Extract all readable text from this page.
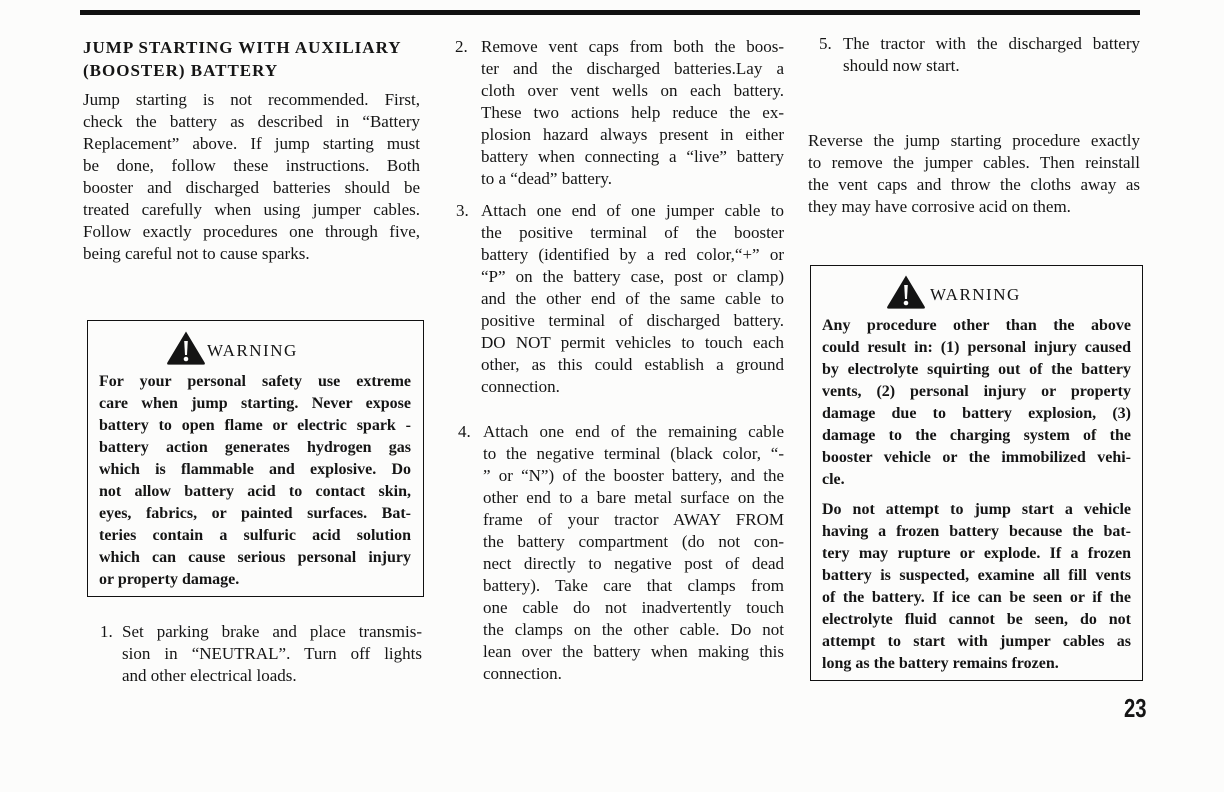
JUMP STARTING WITH AUXILIARY
(BOOSTER) BATTERY
Jump starting is not recommended. First,
check the battery as described in “Battery
Replacement” above. If jump starting must
be done, follow these instructions. Both
booster and discharged batteries should be
treated carefully when using jumper cables.
Follow exactly procedures one through five,
being careful not to cause sparks.
WARNING
For your personal safety use extreme
care when jump starting. Never expose
battery to open flame or electric spark -
battery action generates hydrogen gas
which is flammable and explosive. Do
not allow battery acid to contact skin,
eyes, fabrics, or painted surfaces. Bat-
teries contain a sulfuric acid solution
which can cause serious personal injury
or property damage.
1. Set parking brake and place transmis-
sion in “NEUTRAL”. Turn off lights
and other electrical loads.
2. Remove vent caps from both the boos-
ter and the discharged batteries.Lay a
cloth over vent wells on each battery.
These two actions help reduce the ex-
plosion hazard always present in either
battery when connecting a “live” battery
to a “dead” battery.
3. Attach one end of one jumper cable to
the positive terminal of the booster
battery (identified by a red color,“+” or
“P” on the battery case, post or clamp)
and the other end of the same cable to
positive terminal of discharged battery.
DO NOT permit vehicles to touch each
other, as this could establish a ground
connection.
4. Attach one end of the remaining cable
to the negative terminal (black color, “-
” or “N”) of the booster battery, and the
other end to a bare metal surface on the
frame of your tractor AWAY FROM
the battery compartment (do not con-
nect directly to negative post of dead
battery). Take care that clamps from
one cable do not inadvertently touch
the clamps on the other cable. Do not
lean over the battery when making this
connection.
5. The tractor with the discharged battery
should now start.
Reverse the jump starting procedure exactly
to remove the jumper cables. Then reinstall
the vent caps and throw the cloths away as
they may have corrosive acid on them.
WARNING
Any procedure other than the above
could result in: (1) personal injury caused
by electrolyte squirting out of the battery
vents, (2) personal injury or property
damage due to battery explosion, (3)
damage to the charging system of the
booster vehicle or the immobilized vehi-
cle.
Do not attempt to jump start a vehicle
having a frozen battery because the bat-
tery may rupture or explode. If a frozen
battery is suspected, examine all fill vents
of the battery. If ice can be seen or if the
electrolyte fluid cannot be seen, do not
attempt to start with jumper cables as
long as the battery remains frozen.
23
